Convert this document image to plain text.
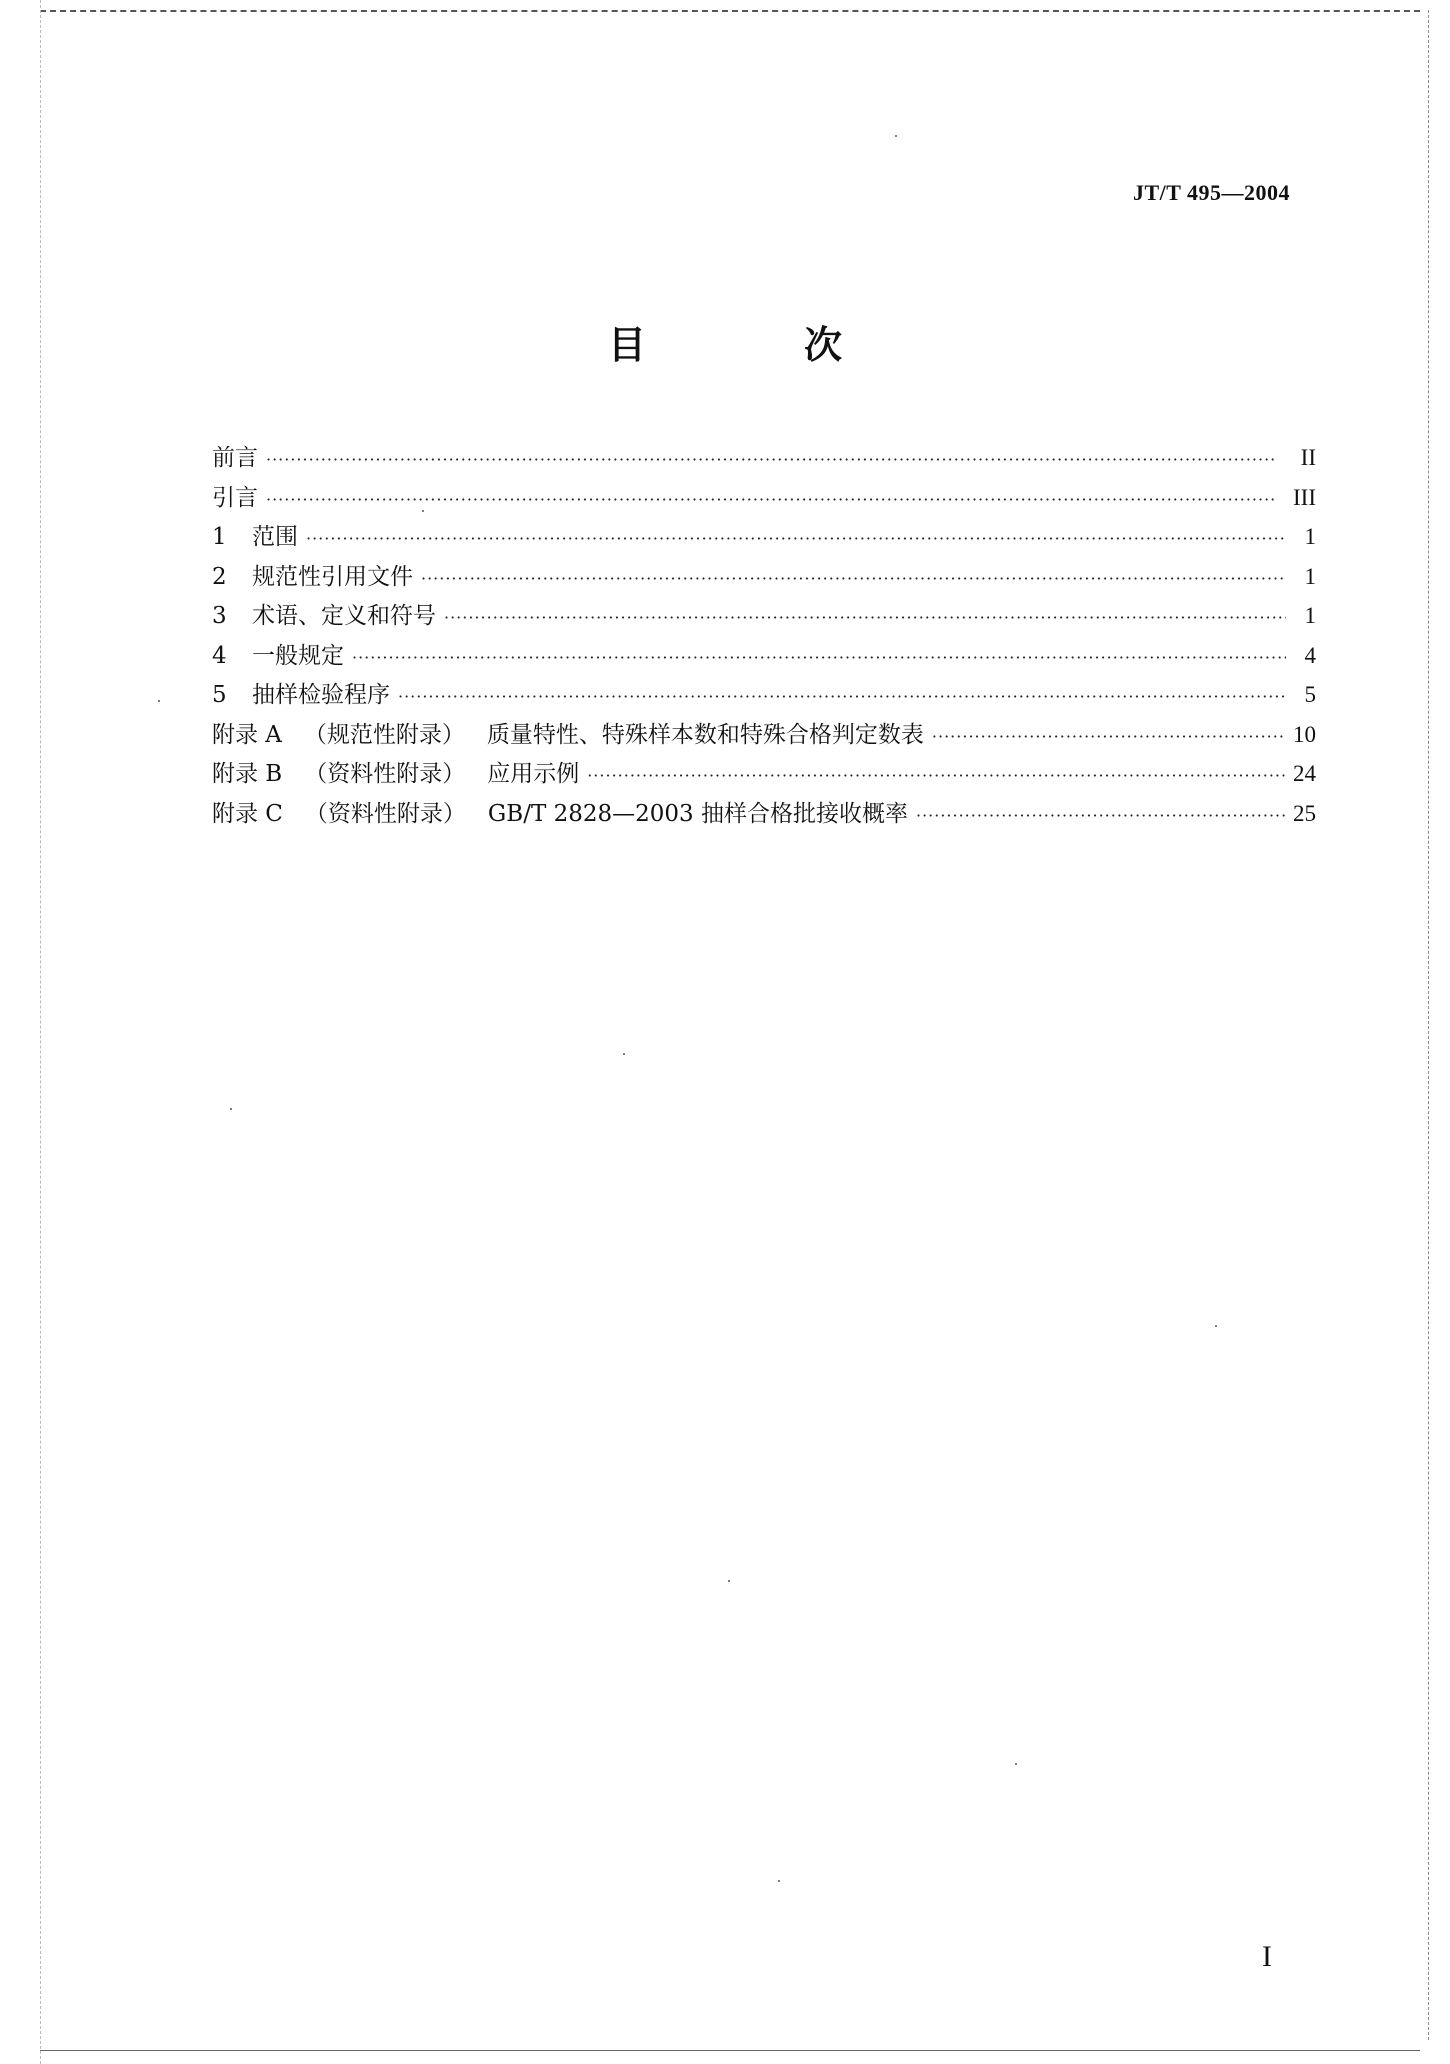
JT/T 495—2004
目　次
前言 ·····	II
引言 ·····	III
1	范围 ·····	1
2	规范性引用文件 ·····	1
3	术语、定义和符号 ·····	1
4	一般规定 ·····	4
5	抽样检验程序 ·····	5
附录 A （规范性附录） 质量特性、特殊样本数和特殊合格判定数表 ·····	10
附录 B （资料性附录） 应用示例 ·····	24
附录 C （资料性附录） GB/T 2828—2003 抽样合格批接收概率 ·····	25
I
